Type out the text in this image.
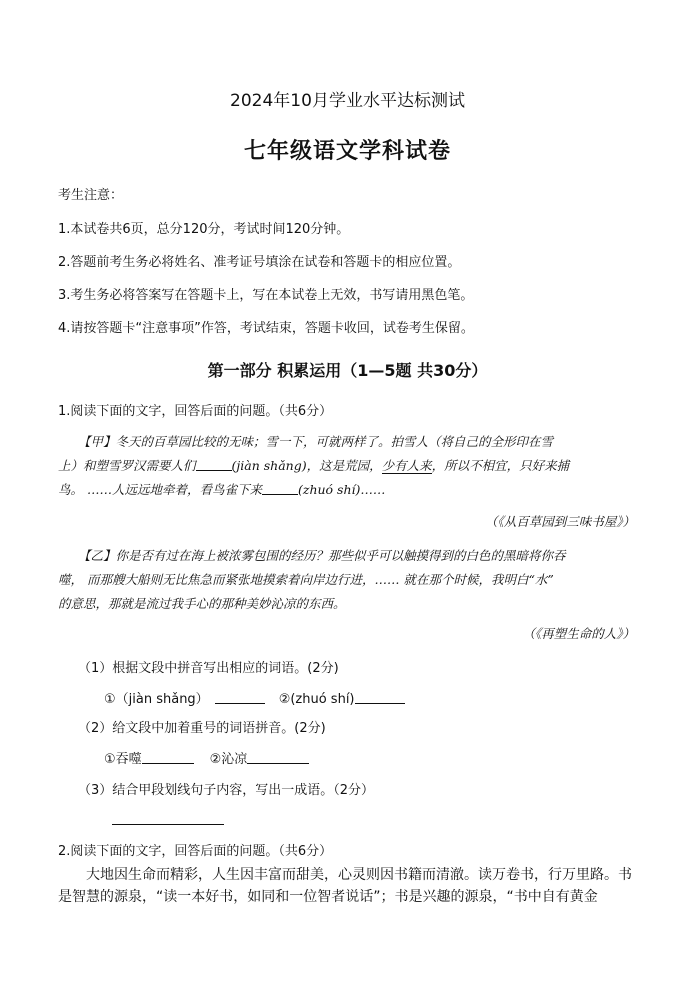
2024年10月学业水平达标测试
七年级语文学科试卷
考生注意：
1.本试卷共6页，总分120分，考试时间120分钟。
2.答题前考生务必将姓名、准考证号填涂在试卷和答题卡的相应位置。
3.考生务必将答案写在答题卡上，写在本试卷上无效，书写请用黑色笔。
4.请按答题卡“注意事项”作答，考试结束，答题卡收回，试卷考生保留。
第一部分 积累运用（1—5题 共30分）
1.阅读下面的文字，回答后面的问题。（共6分）
【甲】冬天的百草园比较的无味；雪一下，可就两样了。拍雪人（将自己的全形印在雪
上）和塑雪罗汉需要人们	(jiàn shǎng)，这是荒园，少有人来，所以不相宜，只好来捕
鸟。 ……人远远地牵着，看鸟雀下来	(zhuó shí)……
（《从百草园到三味书屋》）
【乙】你是否有过在海上被浓雾包围的经历？那些似乎可以触摸得到的白色的黑暗将你吞
噬， 而那艘大船则无比焦急而紧张地摸索着向岸边行进，…… 就在那个时候，我明白“水”
的意思，那就是流过我手心的那种美妙沁凉的东西。
（《再塑生命的人》）
（1）根据文段中拼音写出相应的词语。(2分)
①（jiàn shǎng）	②(zhuó shí)
（2）给文段中加着重号的词语拼音。(2分)
①吞噬	②沁凉
（3）结合甲段划线句子内容，写出一成语。（2分）
2.阅读下面的文字，回答后面的问题。（共6分）
大地因生命而精彩，人生因丰富而甜美，心灵则因书籍而清澈。读万卷书，行万里路。书是智慧的源泉，“读一本好书，如同和一位智者说话”；书是兴趣的源泉，“书中自有黄金
